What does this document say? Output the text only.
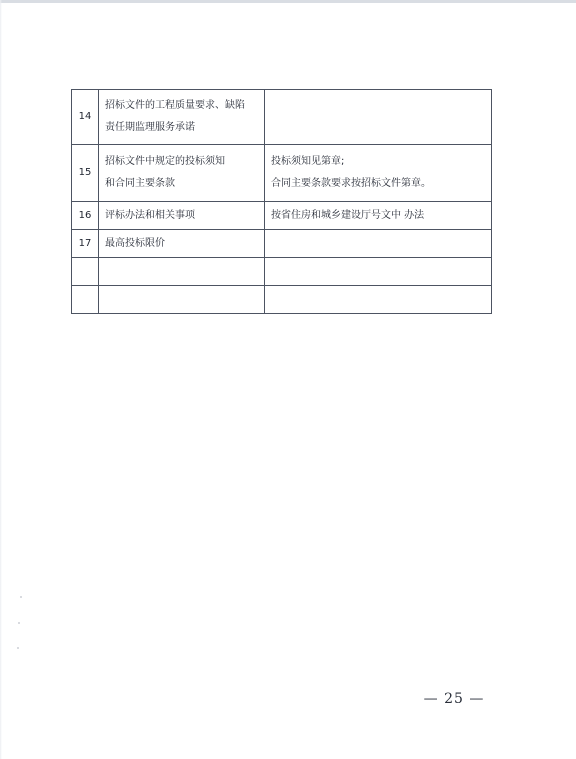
14	招标文件的工程质量要求、缺陷
责任期监理服务承诺	

15	招标文件中规定的投标须知
和合同主要条款	投标须知见第章;
合同主要条款要求按招标文件第章。

16	评标办法和相关事项	按省住房和城乡建设厅号文中 办法

17	最高投标限价	

— 25 —
